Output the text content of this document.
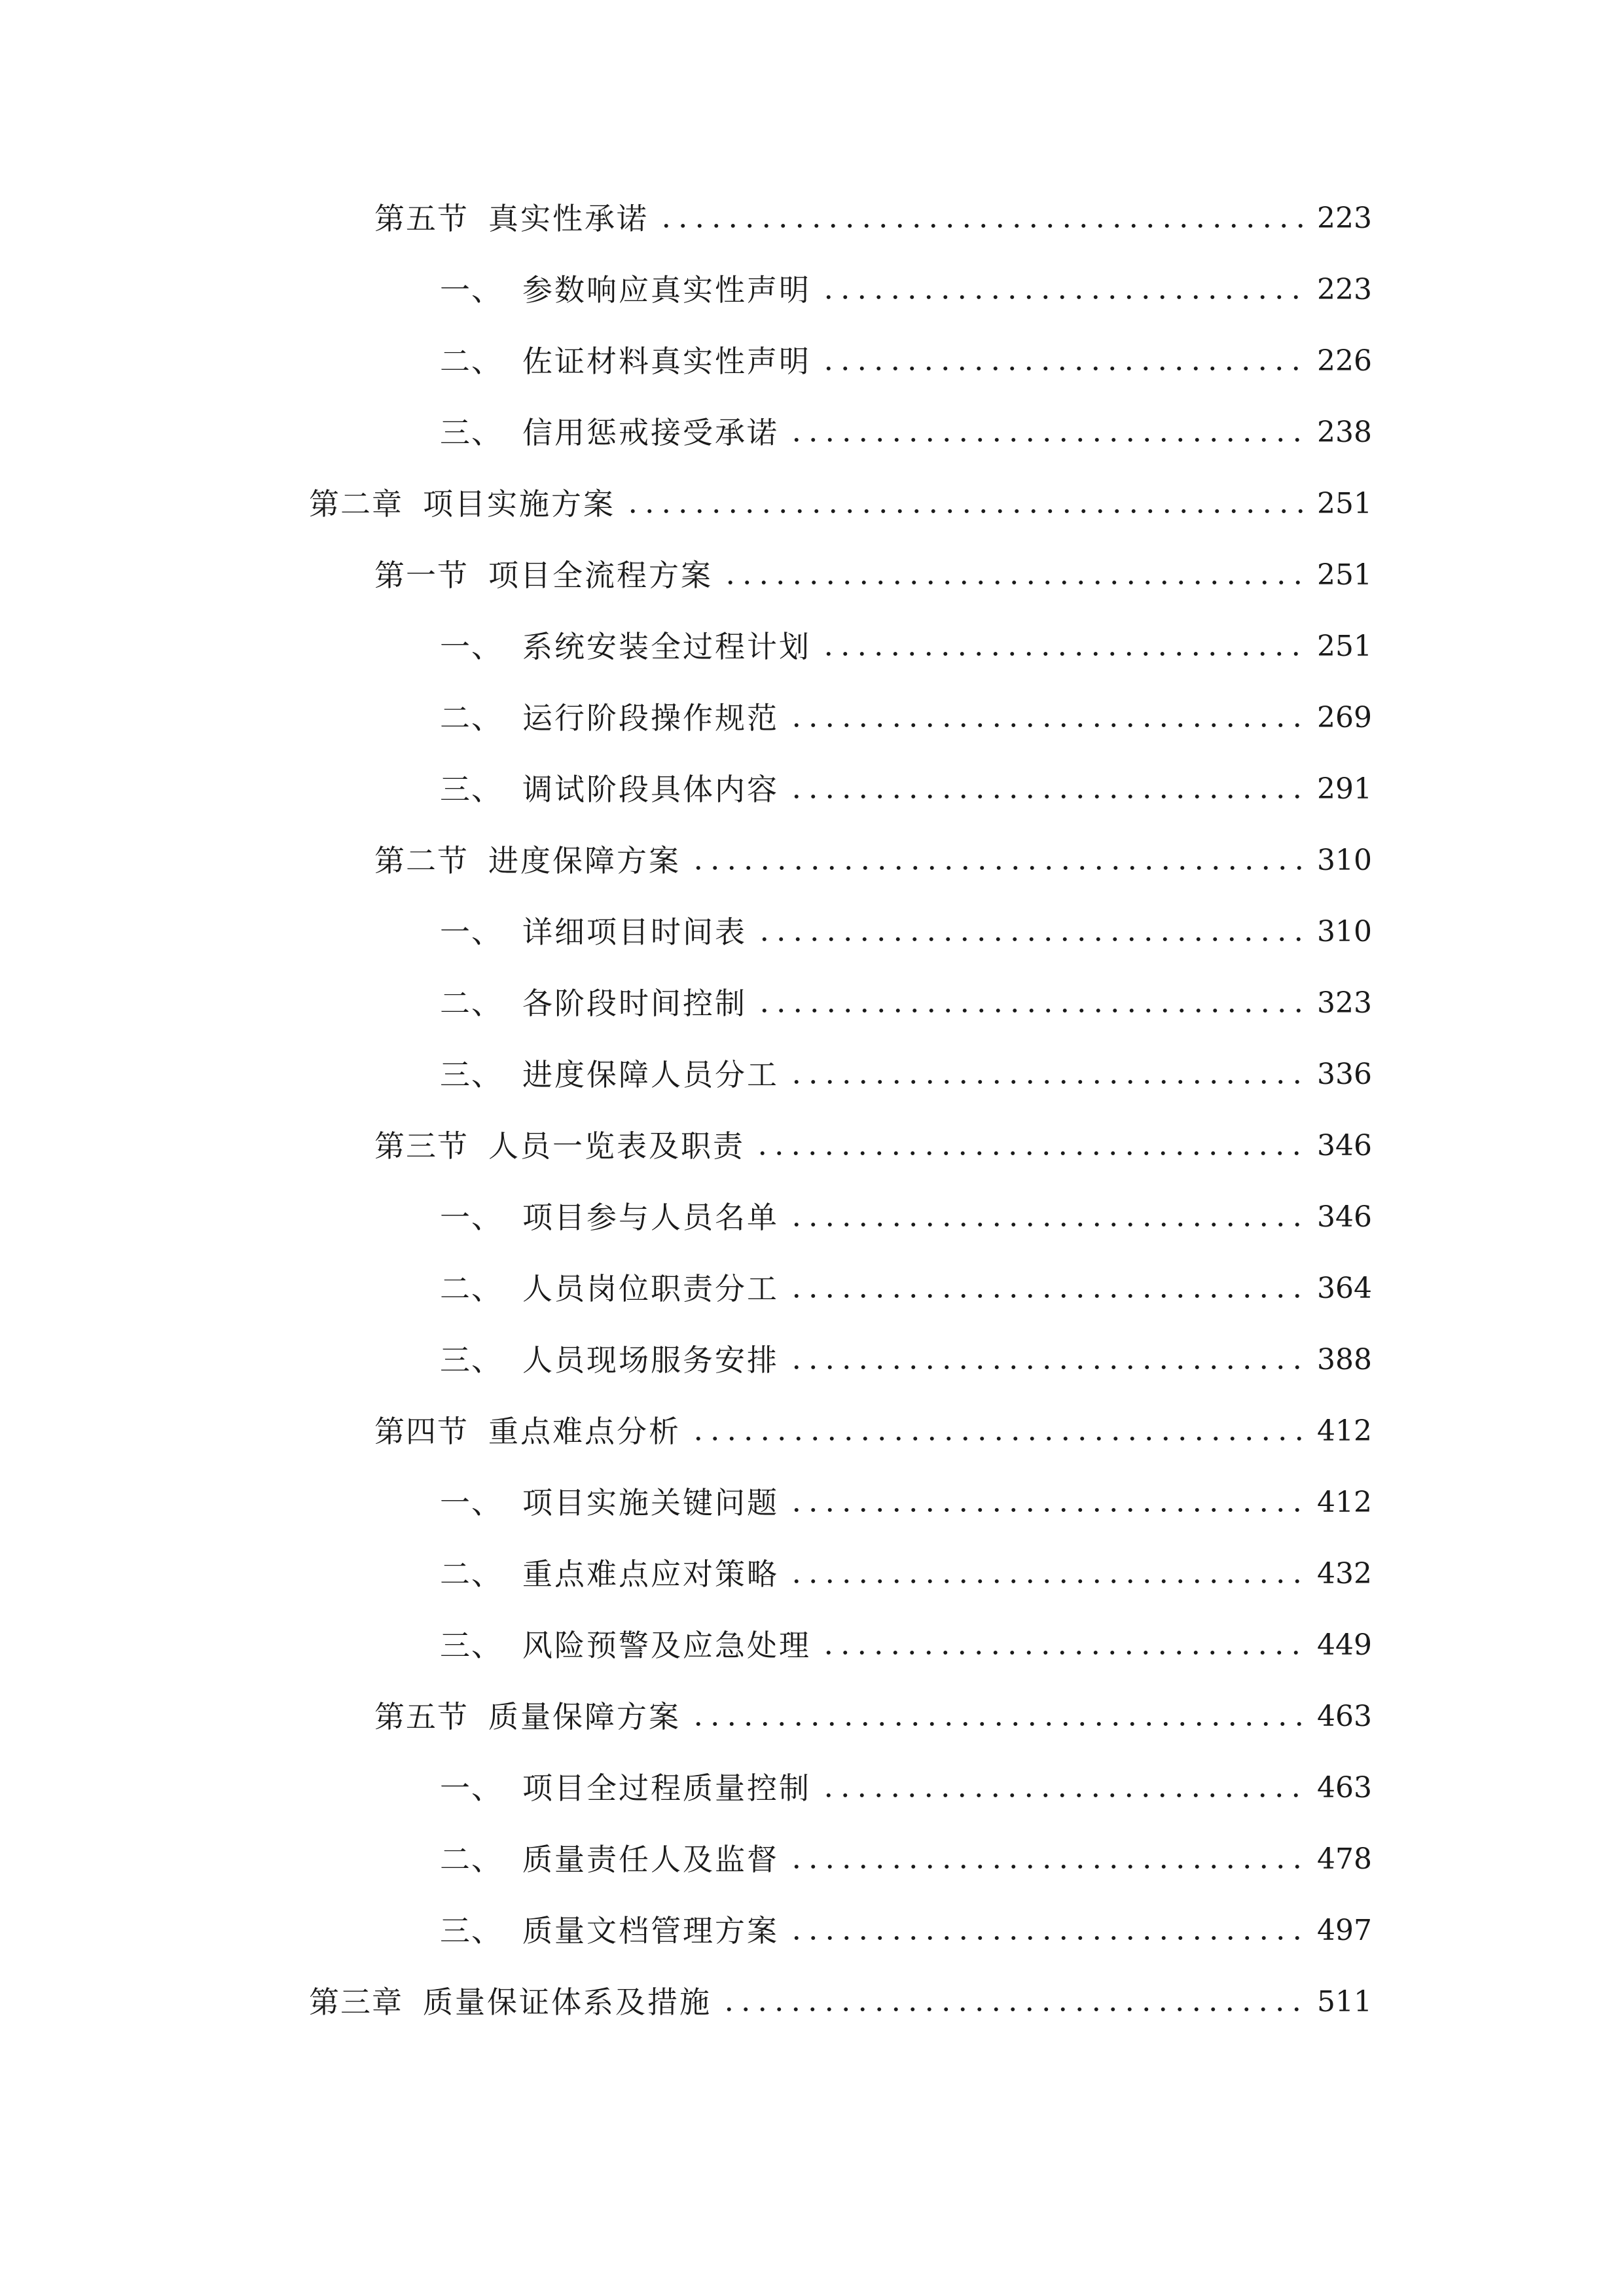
第五节 真实性承诺	223
一、 参数响应真实性声明	223
二、 佐证材料真实性声明	226
三、 信用惩戒接受承诺	238
第二章 项目实施方案	251
第一节 项目全流程方案	251
一、 系统安装全过程计划	251
二、 运行阶段操作规范	269
三、 调试阶段具体内容	291
第二节 进度保障方案	310
一、 详细项目时间表	310
二、 各阶段时间控制	323
三、 进度保障人员分工	336
第三节 人员一览表及职责	346
一、 项目参与人员名单	346
二、 人员岗位职责分工	364
三、 人员现场服务安排	388
第四节 重点难点分析	412
一、 项目实施关键问题	412
二、 重点难点应对策略	432
三、 风险预警及应急处理	449
第五节 质量保障方案	463
一、 项目全过程质量控制	463
二、 质量责任人及监督	478
三、 质量文档管理方案	497
第三章 质量保证体系及措施	511
